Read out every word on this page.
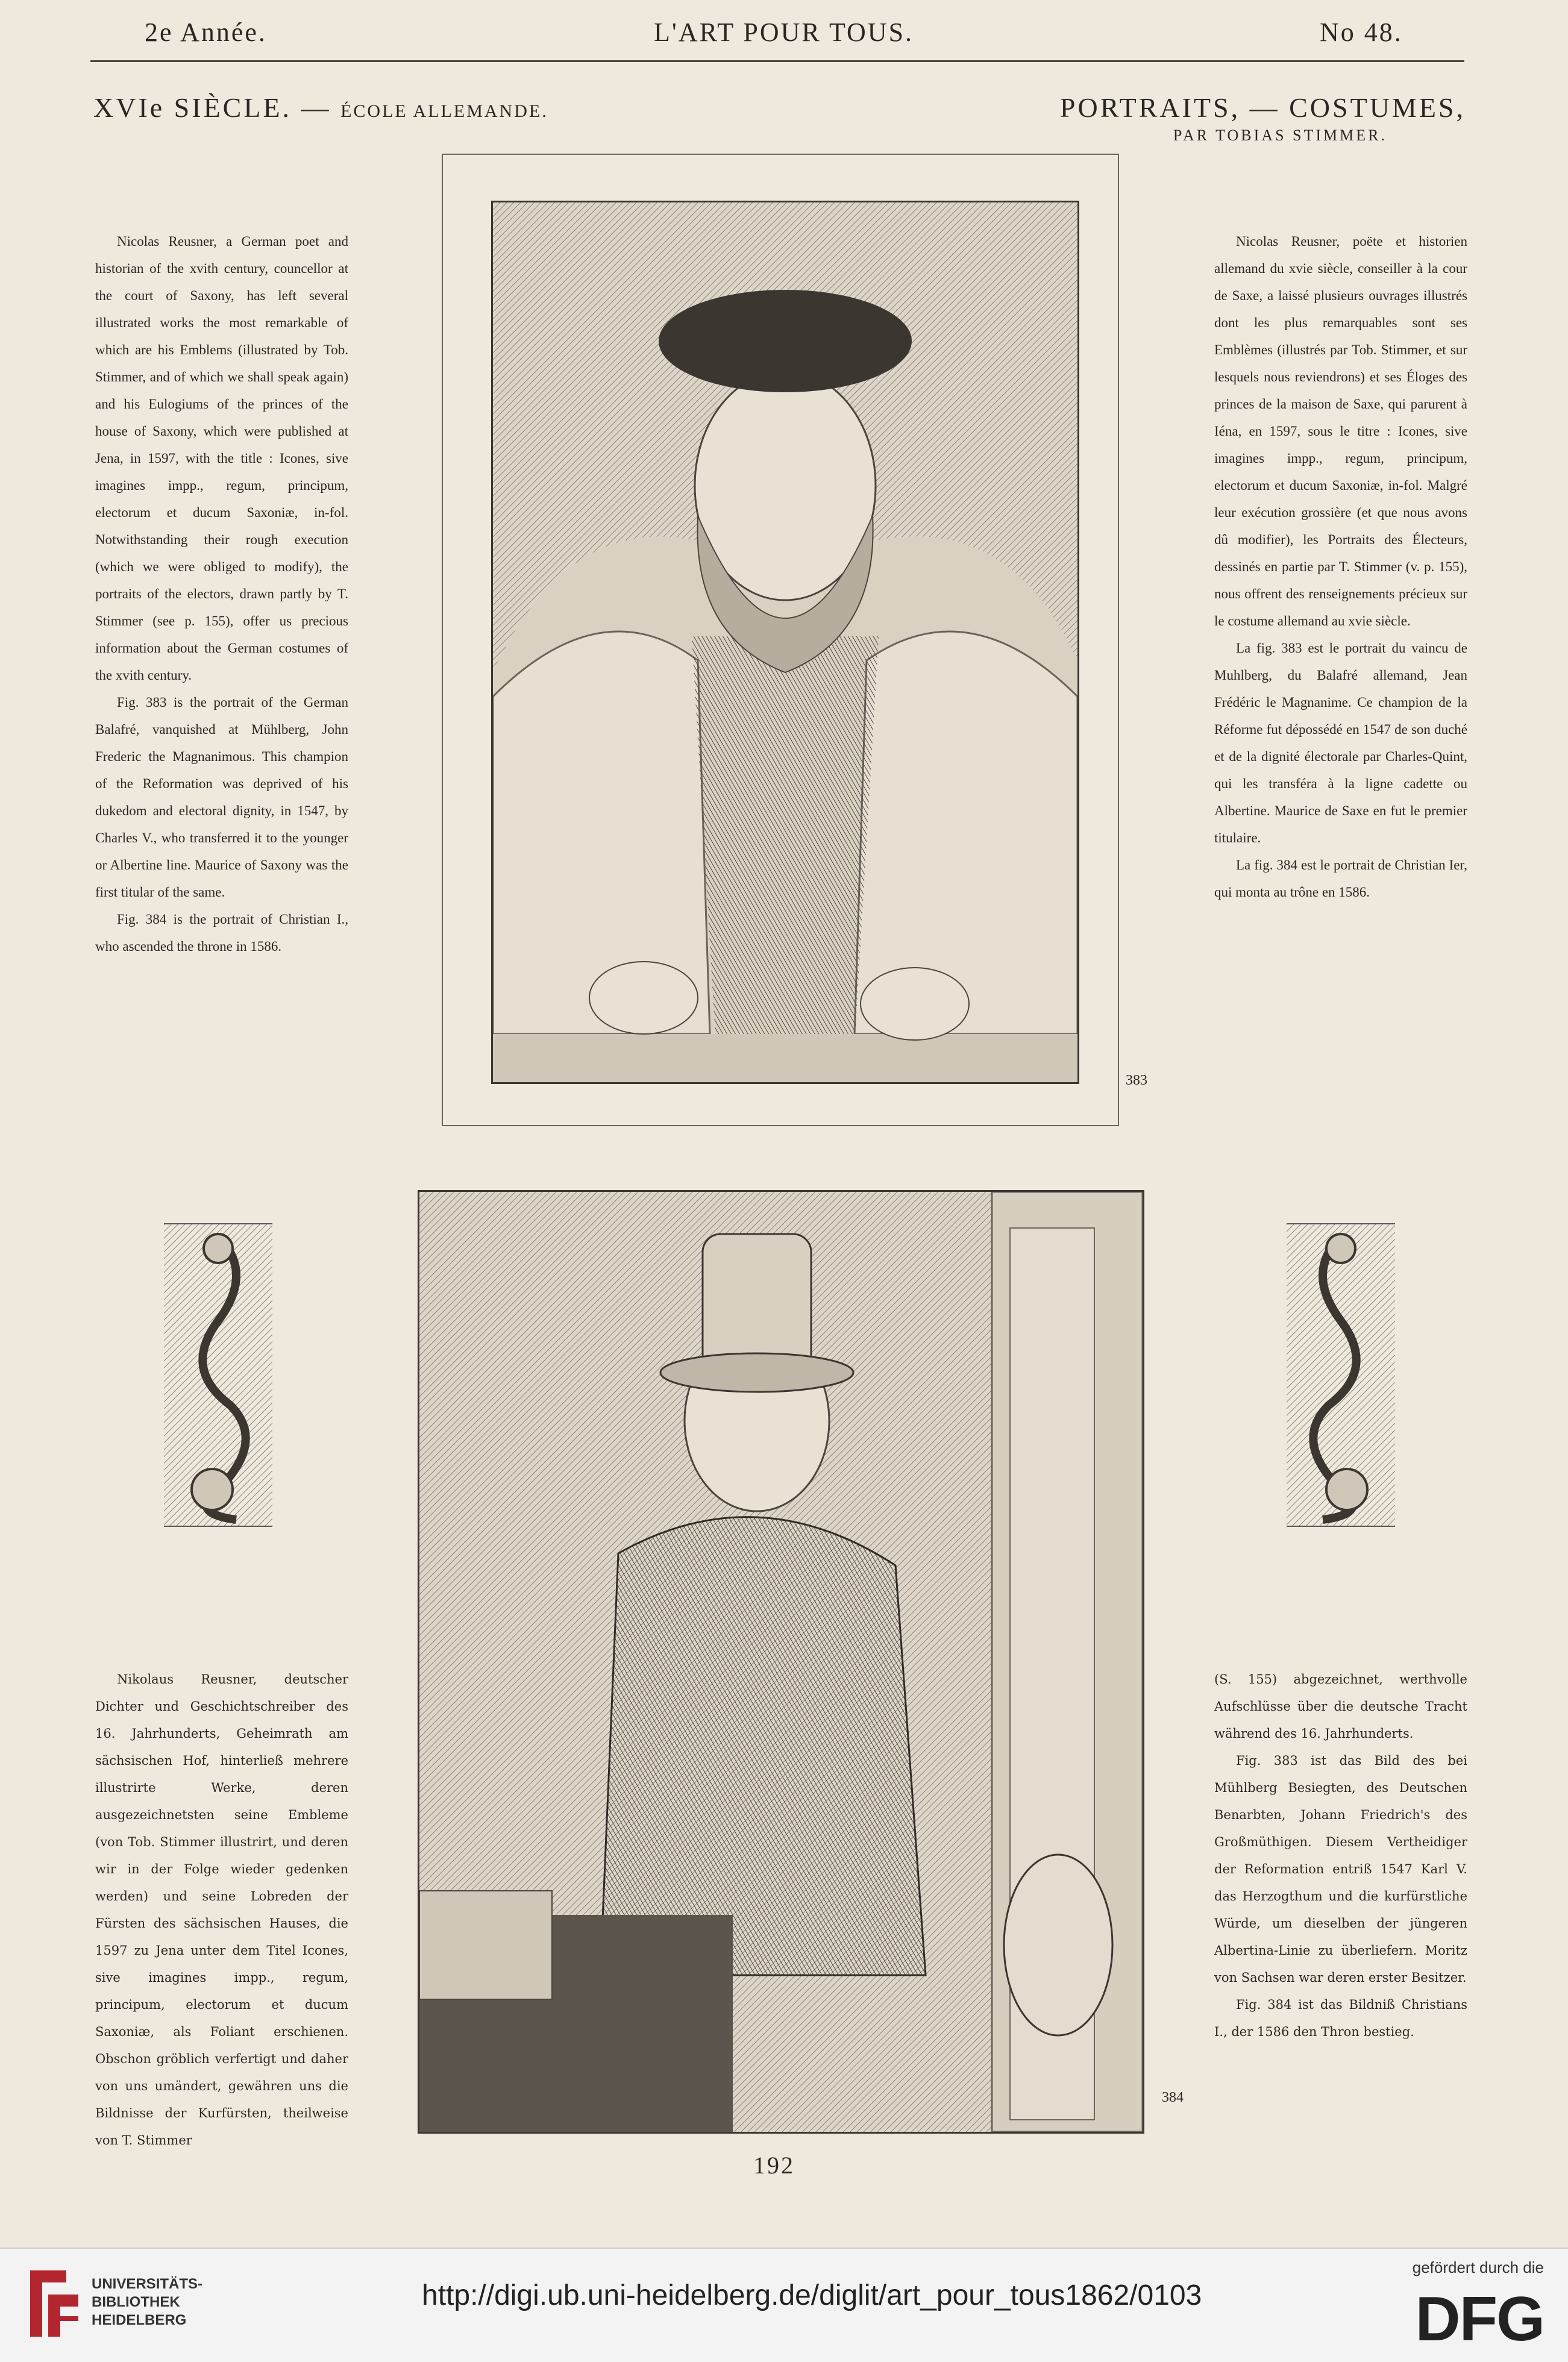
2e Année.	L'ART POUR TOUS.	No 48.
XVIe SIÈCLE. — ÉCOLE ALLEMANDE.	PORTRAITS, — COSTUMES,
PAR TOBIAS STIMMER.

Nicolas Reusner, a German poet and historian of the xvith century, councellor at the court of Saxony, has left several illustrated works the most remarkable of which are his Emblems (illustrated by Tob. Stimmer, and of which we shall speak again) and his Eulogiums of the princes of the house of Saxony, which were published at Jena, in 1597, with the title : Icones, sive imagines impp., regum, principum, electorum et ducum Saxoniæ, in-fol. Notwithstanding their rough execution (which we were obliged to modify), the portraits of the electors, drawn partly by T. Stimmer (see p. 155), offer us precious information about the German costumes of the xvith century.

Fig. 383 is the portrait of the German Balafré, vanquished at Mühlberg, John Frederic the Magnanimous. This champion of the Reformation was deprived of his dukedom and electoral dignity, in 1547, by Charles V., who transferred it to the younger or Albertine line. Maurice of Saxony was the first titular of the same.

Fig. 384 is the portrait of Christian I., who ascended the throne in 1586.

Nicolas Reusner, poëte et historien allemand du xvie siècle, conseiller à la cour de Saxe, a laissé plusieurs ouvrages illustrés dont les plus remarquables sont ses Emblèmes (illustrés par Tob. Stimmer, et sur lesquels nous reviendrons) et ses Éloges des princes de la maison de Saxe, qui parurent à Iéna, en 1597, sous le titre : Icones, sive imagines impp., regum, principum, electorum et ducum Saxoniæ, in-fol. Malgré leur exécution grossière (et que nous avons dû modifier), les Portraits des Électeurs, dessinés en partie par T. Stimmer (v. p. 155), nous offrent des renseignements précieux sur le costume allemand au xvie siècle.

La fig. 383 est le portrait du vaincu de Muhlberg, du Balafré allemand, Jean Frédéric le Magnanime. Ce champion de la Réforme fut dépossédé en 1547 de son duché et de la dignité électorale par Charles-Quint, qui les transféra à la ligne cadette ou Albertine. Maurice de Saxe en fut le premier titulaire.

La fig. 384 est le portrait de Christian Ier, qui monta au trône en 1586.

383
384

Nikolaus Reusner, deutscher Dichter und Geschichtschreiber des 16. Jahrhunderts, Geheimrath am sächsischen Hof, hinterließ mehrere illustrirte Werke, deren ausgezeichnetsten seine Embleme (von Tob. Stimmer illustrirt, und deren wir in der Folge wieder gedenken werden) und seine Lobreden der Fürsten des sächsischen Hauses, die 1597 zu Jena unter dem Titel Icones, sive imagines impp., regum, principum, electorum et ducum Saxoniæ, als Foliant erschienen. Obschon gröblich verfertigt und daher von uns umändert, gewähren uns die Bildnisse der Kurfürsten, theilweise von T. Stimmer

(S. 155) abgezeichnet, werthvolle Aufschlüsse über die deutsche Tracht während des 16. Jahrhunderts.

Fig. 383 ist das Bild des bei Mühlberg Besiegten, des Deutschen Benarbten, Johann Friedrich's des Großmüthigen. Diesem Vertheidiger der Reformation entriß 1547 Karl V. das Herzogthum und die kurfürstliche Würde, um dieselben der jüngeren Albertina-Linie zu überliefern. Moritz von Sachsen war deren erster Besitzer.

Fig. 384 ist das Bildniß Christians I., der 1586 den Thron bestieg.

192
UNIVERSITÄTS-
BIBLIOTHEK
HEIDELBERG
http://digi.ub.uni-heidelberg.de/diglit/art_pour_tous1862/0103
gefördert durch die
DFG
